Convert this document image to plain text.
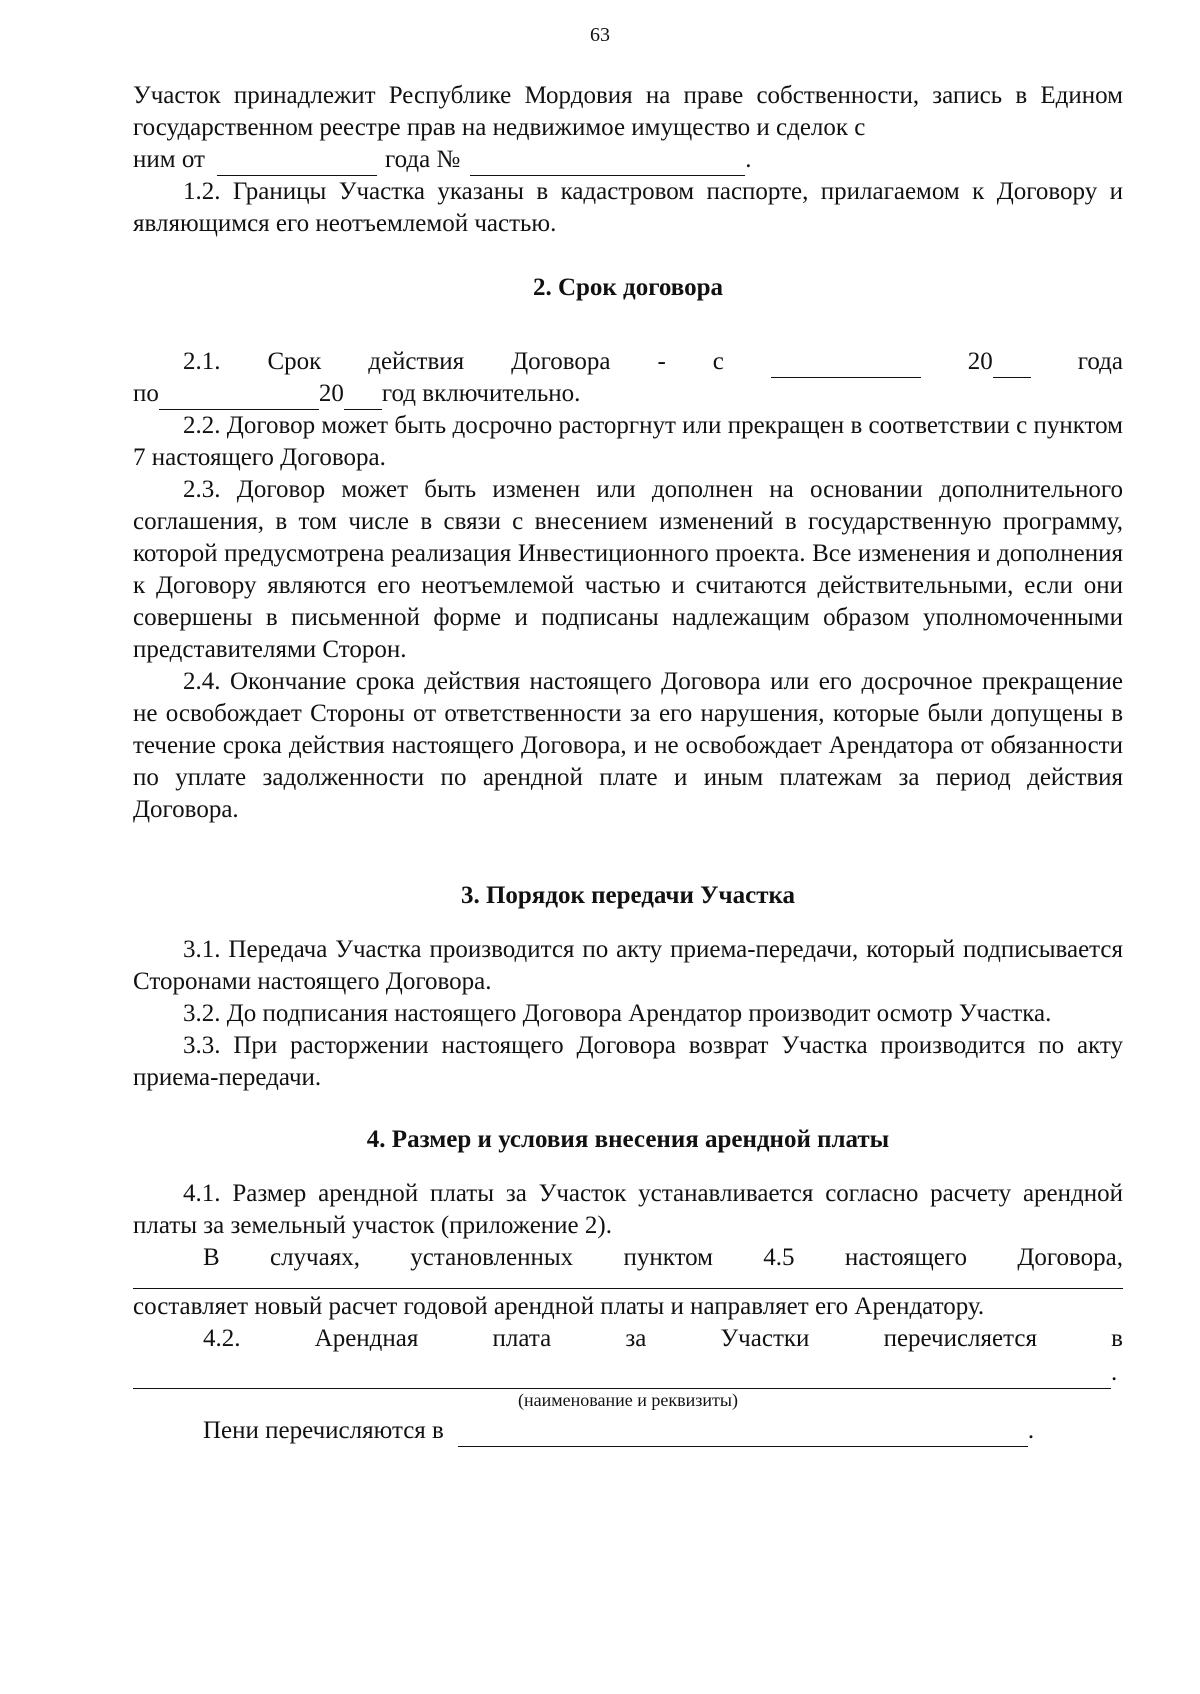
63

Участок принадлежит Республике Мордовия на праве собственности, запись в Едином государственном реестре прав на недвижимое имущество и сделок с

ним от	года №	.

1.2. Границы Участка указаны в кадастровом паспорте, прилагаемом к Договору и являющимся его неотъемлемой частью.

2. Срок договора

2.1. Срок действия Договора - с	20	года
по	20 год включительно.

2.2. Договор может быть досрочно расторгнут или прекращен в соответствии с пунктом 7 настоящего Договора.

2.3. Договор может быть изменен или дополнен на основании дополнительного соглашения, в том числе в связи с внесением изменений в государственную программу, которой предусмотрена реализация Инвестиционного проекта. Все изменения и дополнения к Договору являются его неотъемлемой частью и считаются действительными, если они совершены в письменной форме и подписаны надлежащим образом уполномоченными представителями Сторон.

2.4. Окончание срока действия настоящего Договора или его досрочное прекращение не освобождает Стороны от ответственности за его нарушения, которые были допущены в течение срока действия настоящего Договора, и не освобождает Арендатора от обязанности по уплате задолженности по арендной плате и иным платежам за период действия Договора.

3. Порядок передачи Участка

3.1. Передача Участка производится по акту приема-передачи, который подписывается Сторонами настоящего Договора.

3.2. До подписания настоящего Договора Арендатор производит осмотр Участка.

3.3. При расторжении настоящего Договора возврат Участка производится по акту приема-передачи.

4. Размер и условия внесения арендной платы

4.1. Размер арендной платы за Участок устанавливается согласно расчету арендной платы за земельный участок (приложение 2).

В случаях, установленных пунктом 4.5 настоящего Договора,

составляет новый расчет годовой арендной платы и направляет его Арендатору.

4.2.	Арендная	плата	за	Участки	перечисляется	в
.

(наименование и реквизиты)

Пени перечисляются в	.
